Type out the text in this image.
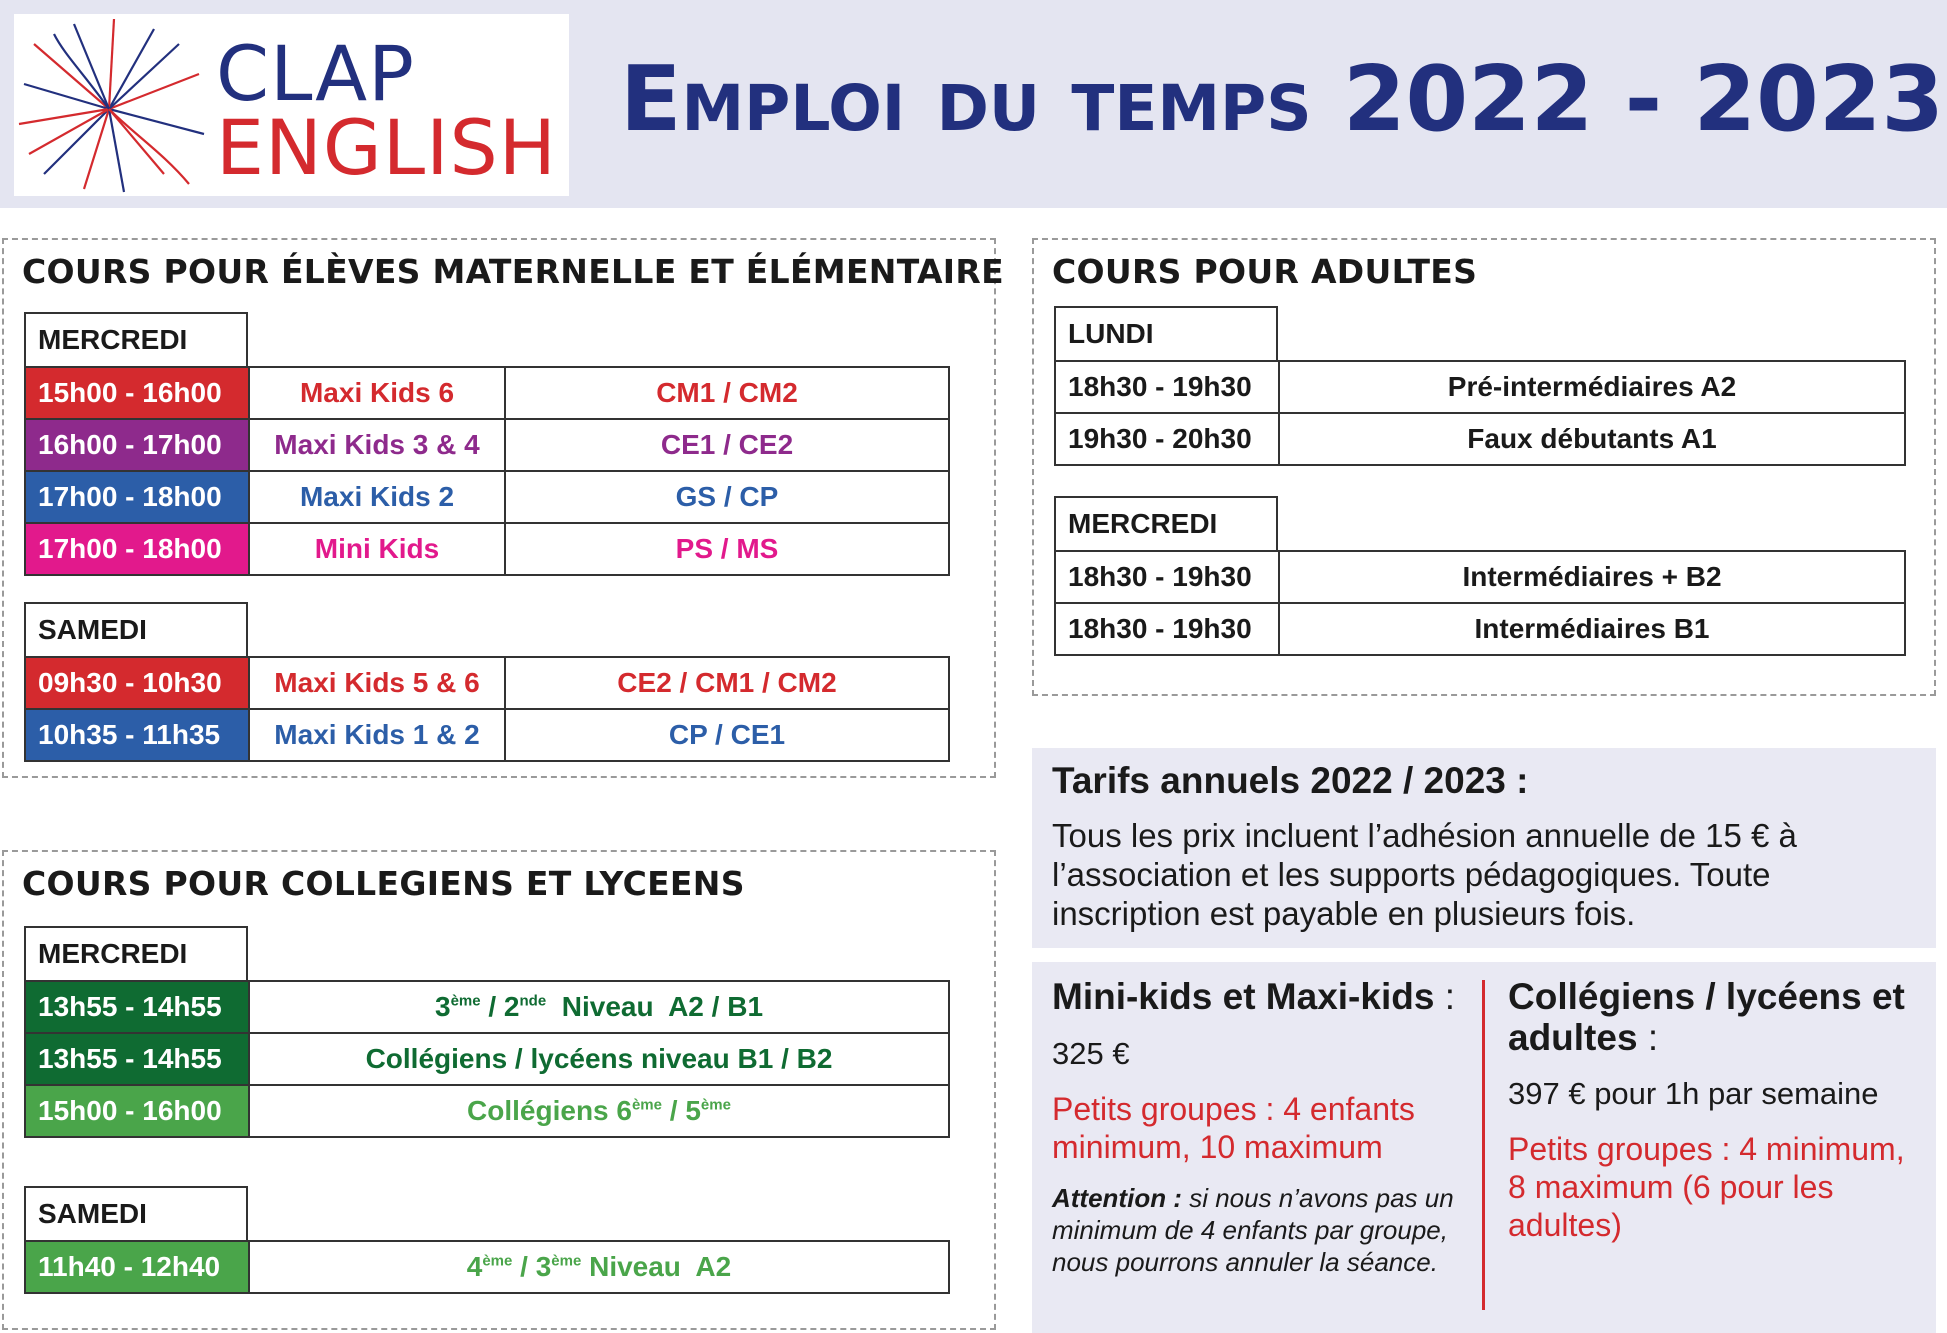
CLAP
ENGLISH Emploi du temps 2022 - 2023
COURS POUR ÉLÈVES MATERNELLE ET ÉLÉMENTAIRE
MERCREDI
15h00 - 16h00	Maxi Kids 6	CM1 / CM2
16h00 - 17h00	Maxi Kids 3 & 4	CE1 / CE2
17h00 - 18h00	Maxi Kids 2	GS / CP
17h00 - 18h00	Mini Kids	PS / MS
SAMEDI
09h30 - 10h30	Maxi Kids 5 & 6	CE2 / CM1 / CM2
10h35 - 11h35	Maxi Kids 1 & 2	CP / CE1
COURS POUR COLLEGIENS ET LYCEENS
MERCREDI
13h55 - 14h55	3ème / 2nde  Niveau  A2 / B1
13h55 - 14h55	Collégiens / lycéens niveau B1 / B2
15h00 - 16h00	Collégiens 6ème / 5ème
SAMEDI
11h40 - 12h40	4ème / 3ème Niveau  A2
COURS POUR ADULTES
LUNDI
18h30 - 19h30	Pré-intermédiaires A2
19h30 - 20h30	Faux débutants A1
MERCREDI
18h30 - 19h30	Intermédiaires + B2
18h30 - 19h30	Intermédiaires B1
Tarifs annuels 2022 / 2023 :
Tous les prix incluent l’adhésion annuelle de 15 € à l’association et les supports pédagogiques. Toute inscription est payable en plusieurs fois.
Mini-kids et Maxi-kids :
325 €
Petits groupes : 4 enfants minimum, 10 maximum
Attention : si nous n’avons pas un minimum de 4 enfants par groupe, nous pourrons annuler la séance.
Collégiens / lycéens et adultes :
397 € pour 1h par semaine
Petits groupes : 4 minimum, 8 maximum (6 pour les adultes)
